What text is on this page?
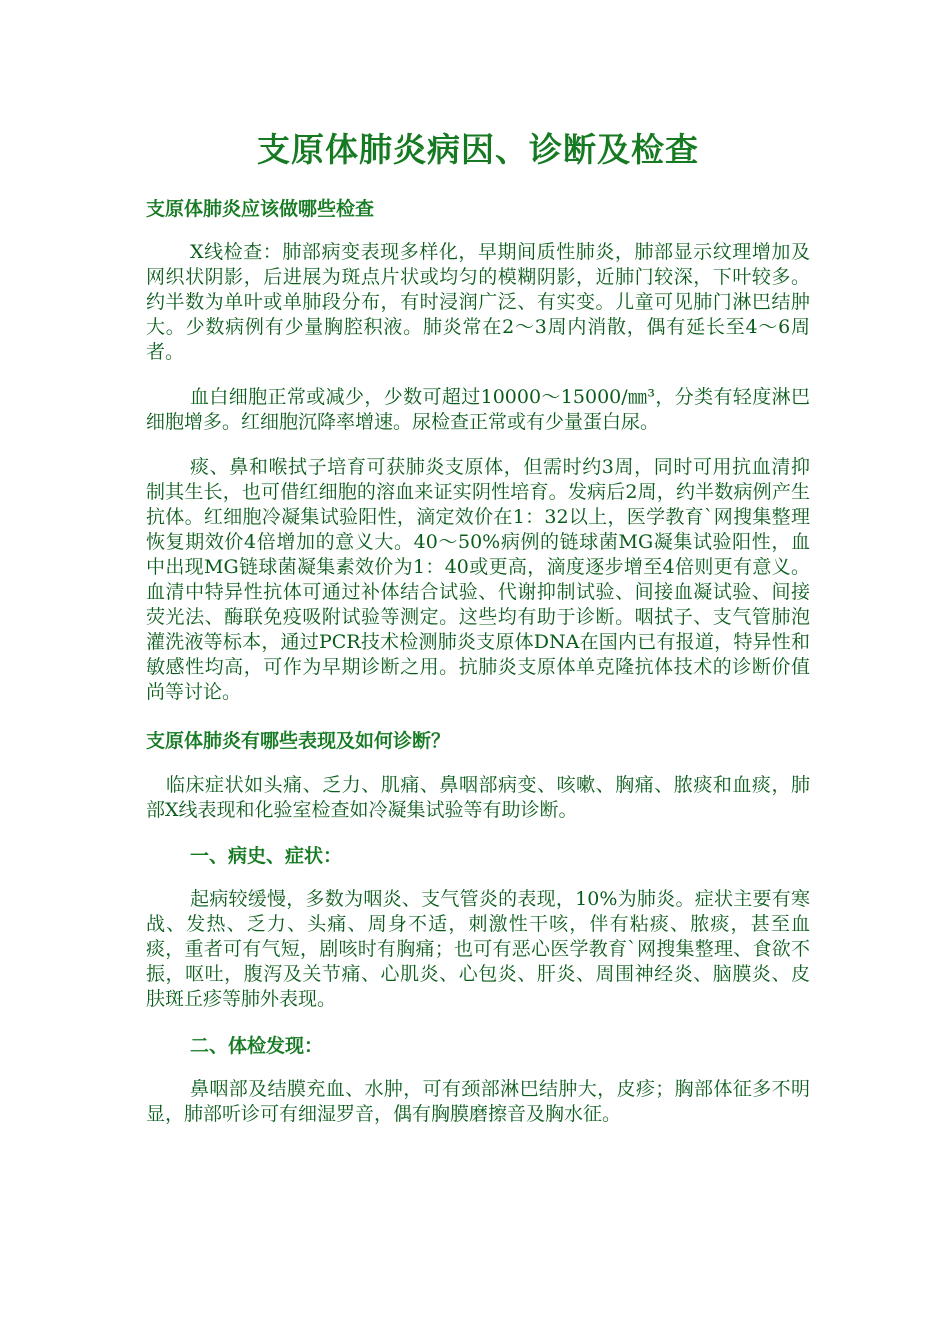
支原体肺炎病因、诊断及检查
支原体肺炎应该做哪些检查

X线检查：肺部病变表现多样化，早期间质性肺炎，肺部显示纹理增加及网织状阴影，后进展为斑点片状或均匀的模糊阴影，近肺门较深，下叶较多。约半数为单叶或单肺段分布，有时浸润广泛、有实变。儿童可见肺门淋巴结肿大。少数病例有少量胸腔积液。肺炎常在2～3周内消散，偶有延长至4～6周者。

血白细胞正常或减少，少数可超过10000～15000/㎜³，分类有轻度淋巴细胞增多。红细胞沉降率增速。尿检查正常或有少量蛋白尿。

痰、鼻和喉拭子培育可获肺炎支原体，但需时约3周，同时可用抗血清抑制其生长，也可借红细胞的溶血来证实阴性培育。发病后2周，约半数病例产生抗体。红细胞冷凝集试验阳性，滴定效价在1：32以上，医学教育`网搜集整理恢复期效价4倍增加的意义大。40～50%病例的链球菌MG凝集试验阳性，血中出现MG链球菌凝集素效价为1：40或更高，滴度逐步增至4倍则更有意义。血清中特异性抗体可通过补体结合试验、代谢抑制试验、间接血凝试验、间接荧光法、酶联免疫吸附试验等测定。这些均有助于诊断。咽拭子、支气管肺泡灌洗液等标本，通过PCR技术检测肺炎支原体DNA在国内已有报道，特异性和敏感性均高，可作为早期诊断之用。抗肺炎支原体单克隆抗体技术的诊断价值尚等讨论。

支原体肺炎有哪些表现及如何诊断？

临床症状如头痛、乏力、肌痛、鼻咽部病变、咳嗽、胸痛、脓痰和血痰，肺部X线表现和化验室检查如冷凝集试验等有助诊断。

一、病史、症状：

起病较缓慢，多数为咽炎、支气管炎的表现，10%为肺炎。症状主要有寒战、发热、乏力、头痛、周身不适，刺激性干咳，伴有粘痰、脓痰，甚至血痰，重者可有气短，剧咳时有胸痛；也可有恶心医学教育`网搜集整理、食欲不振，呕吐，腹泻及关节痛、心肌炎、心包炎、肝炎、周围神经炎、脑膜炎、皮肤斑丘疹等肺外表现。

二、体检发现：

鼻咽部及结膜充血、水肿，可有颈部淋巴结肿大，皮疹；胸部体征多不明显，肺部听诊可有细湿罗音，偶有胸膜磨擦音及胸水征。
